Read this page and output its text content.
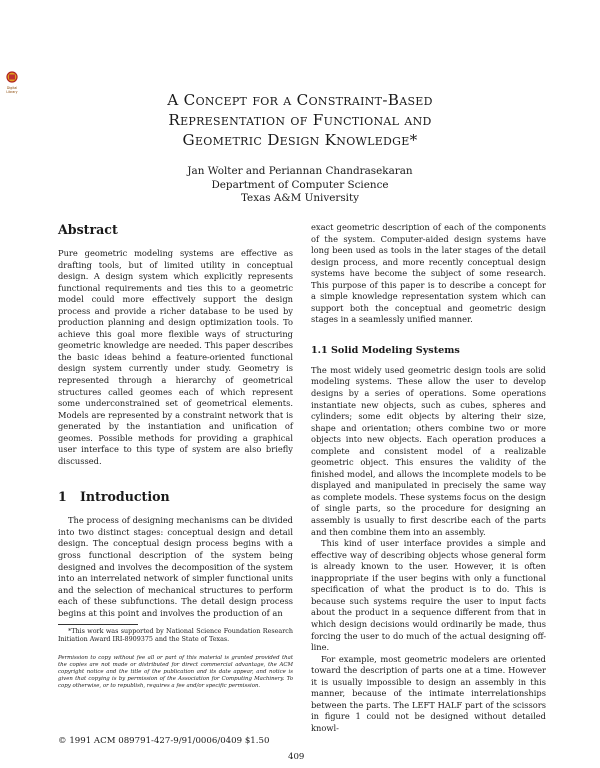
Digital
Library	A Concept for a Constraint-Based
Representation of Functional and
Geometric Design Knowledge*
Jan Wolter and Periannan Chandrasekaran
Department of Computer Science
Texas A&M University
Abstract

Pure geometric modeling systems are effective as drafting tools, but of limited utility in conceptual design. A design system which explicitly represents functional requirements and ties this to a geometric model could more effectively support the design process and provide a richer database to be used by production planning and design optimization tools. To achieve this goal more flexible ways of structuring geometric knowledge are needed. This paper describes the basic ideas behind a feature-oriented functional design system currently under study. Geometry is represented through a hierarchy of geometrical structures called geomes each of which represent some underconstrained set of geometrical elements. Models are represented by a constraint network that is generated by the instantiation and unification of geomes. Possible methods for providing a graphical user interface to this type of system are also briefly discussed.

1 Introduction

The process of designing mechanisms can be divided into two distinct stages: conceptual design and detail design. The conceptual design process begins with a gross functional description of the system being designed and involves the decomposition of the system into an interrelated network of simpler functional units and the selection of mechanical structures to perform each of these subfunctions. The detail design process begins at this point and involves the production of an

*This work was supported by National Science Foundation Research Initiation Award IRI-8909375 and the State of Texas.

Permission to copy without fee all or part of this material is granted provided that the copies are not made or distributed for direct commercial advantage, the ACM copyright notice and the title of the publication and its date appear, and notice is given that copying is by permission of the Association for Computing Machinery. To copy otherwise, or to republish, requires a fee and/or specific permission.

© 1991 ACM 089791-427-9/91/0006/0409 $1.50

exact geometric description of each of the components of the system. Computer-aided design systems have long been used as tools in the later stages of the detail design process, and more recently conceptual design systems have become the subject of some research. This purpose of this paper is to describe a concept for a simple knowledge representation system which can support both the conceptual and geometric design stages in a seamlessly unified manner.

1.1 Solid Modeling Systems

The most widely used geometric design tools are solid modeling systems. These allow the user to develop designs by a series of operations. Some operations instantiate new objects, such as cubes, spheres and cylinders; some edit objects by altering their size, shape and orientation; others combine two or more objects into new objects. Each operation produces a complete and consistent model of a realizable geometric object. This ensures the validity of the finished model, and allows the incomplete models to be displayed and manipulated in precisely the same way as complete models. These systems focus on the design of single parts, so the procedure for designing an assembly is usually to first describe each of the parts and then combine them into an assembly.

This kind of user interface provides a simple and effective way of describing objects whose general form is already known to the user. However, it is often inappropriate if the user begins with only a functional specification of what the product is to do. This is because such systems require the user to input facts about the product in a sequence different from that in which design decisions would ordinarily be made, thus forcing the user to do much of the actual designing off-line.

For example, most geometric modelers are oriented toward the description of parts one at a time. However it is usually impossible to design an assembly in this manner, because of the intimate interrelationships between the parts. The LEFT HALF part of the scissors in figure 1 could not be designed without detailed knowl-

409
